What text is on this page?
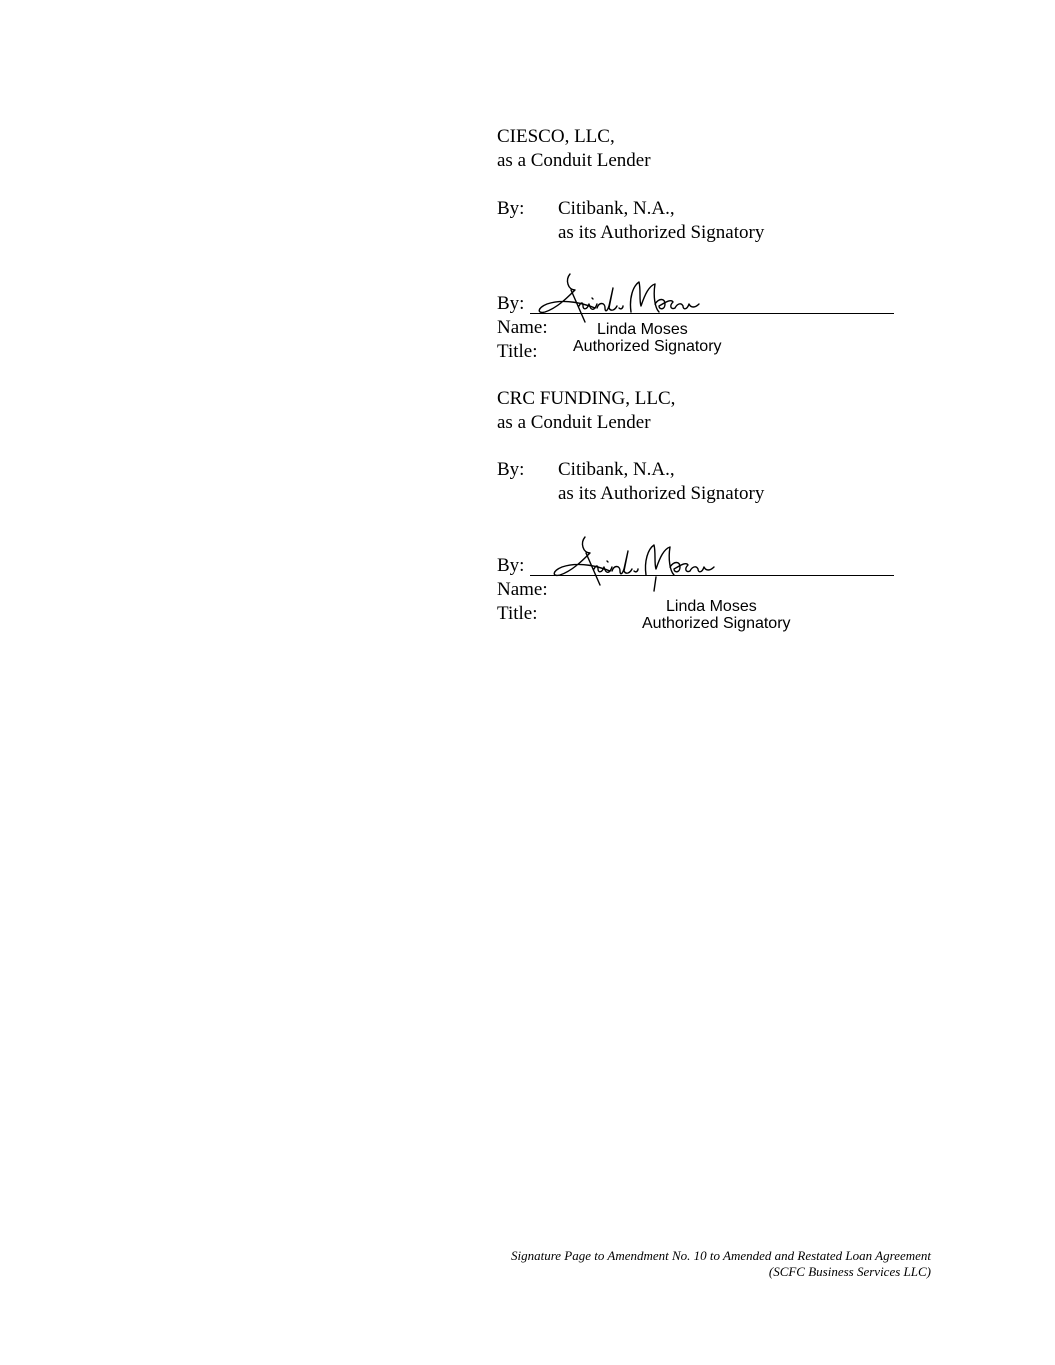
CIESCO, LLC,
as a Conduit Lender
By: Citibank, N.A.,
as its Authorized Signatory
By:
Name:	Linda Moses
Title: Authorized Signatory
CRC FUNDING, LLC,
as a Conduit Lender
By: Citibank, N.A.,
as its Authorized Signatory
By:
Name:
Title:	Linda Moses
Authorized Signatory
Signature Page to Amendment No. 10 to Amended and Restated Loan Agreement
(SCFC Business Services LLC)
